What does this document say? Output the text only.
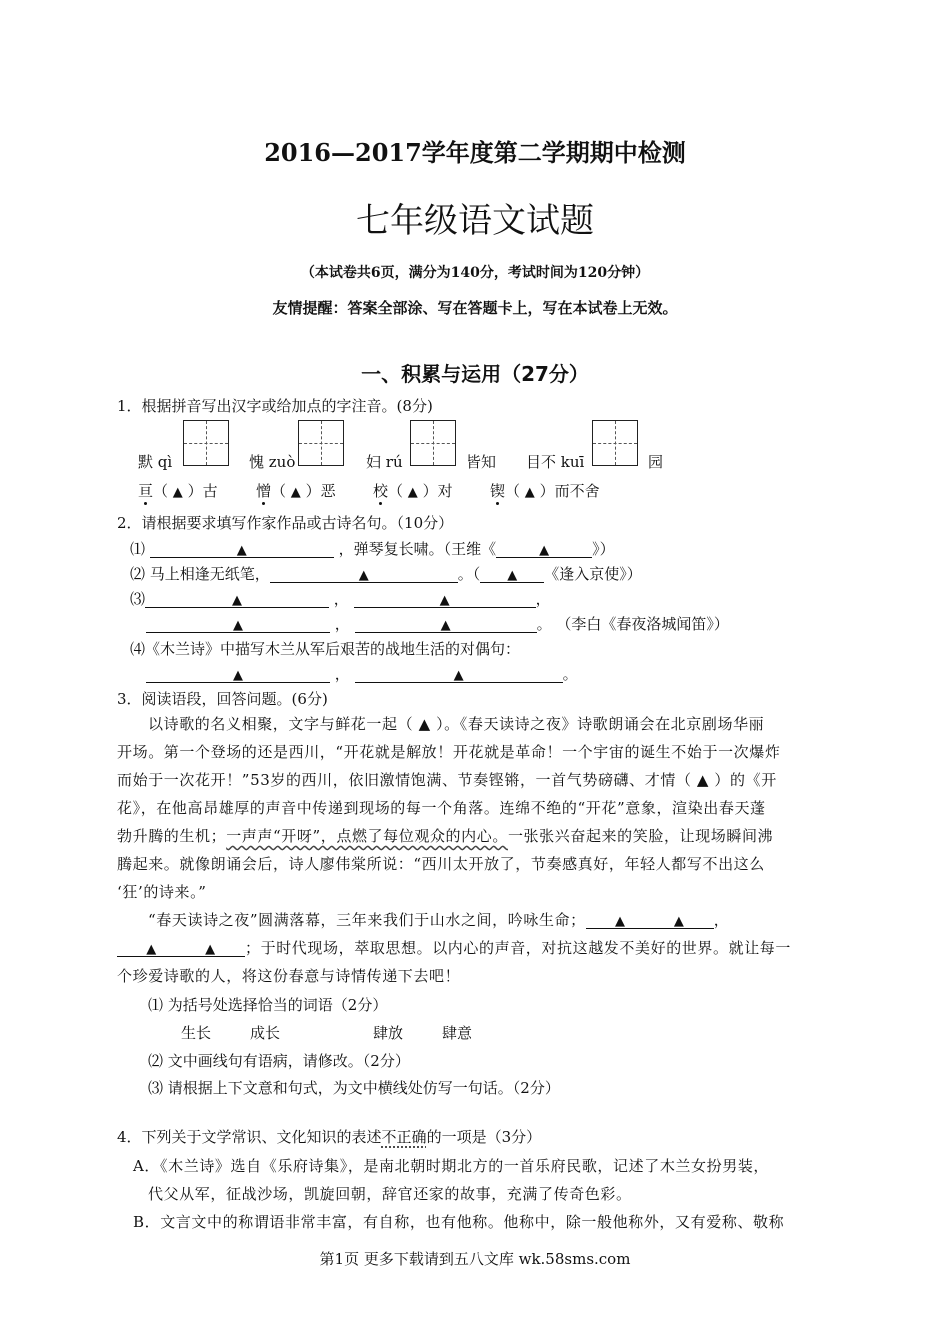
2016—2017学年度第二学期期中检测
七年级语文试题
（本试卷共6页，满分为140分，考试时间为120分钟）
友情提醒：答案全部涂、写在答题卡上，写在本试卷上无效。
一、积累与运用（27分）
1．根据拼音写出汉字或给加点的字注音。(8分)
默 qì	愧 zuò	妇 rú	皆知 目不 kuī	园
亘（ ▲ ）古	憎（ ▲ ）恶 校（ ▲ ）对 锲（ ▲ ）而不舍
2．请根据要求填写作家作品或古诗名句。（10分）
⑴	▲	，弹琴复长啸。（王维《	▲	》）
⑵ 马上相逢无纸笔，	▲	。（ ▲ 《逢入京使》）
⑶	▲	，	▲	，
▲	，	▲	。 （李白《春夜洛城闻笛》）
⑷《木兰诗》中描写木兰从军后艰苦的战地生活的对偶句：
▲	，	▲	。
3．阅读语段，回答问题。(6分)
以诗歌的名义相聚，文字与鲜花一起（ ▲ ）。《春天读诗之夜》诗歌朗诵会在北京剧场华丽
开场。第一个登场的还是西川，“开花就是解放！开花就是革命！一个宇宙的诞生不始于一次爆炸
而始于一次花开！”53岁的西川，依旧激情饱满、节奏铿锵，一首气势磅礴、才情（ ▲ ）的《开
花》，在他高昂雄厚的声音中传递到现场的每一个角落。连绵不绝的“开花”意象，渲染出春天蓬
勃升腾的生机；一声声“开呀”，点燃了每位观众的内心。一张张兴奋起来的笑脸，让现场瞬间沸
腾起来。就像朗诵会后，诗人廖伟棠所说：“西川太开放了，节奏感真好，年轻人都写不出这么
‘狂’的诗来。”
“春天读诗之夜”圆满落幕，三年来我们于山水之间，吟咏生命； ▲	▲ ，
▲	▲ ；于时代现场，萃取思想。以内心的声音，对抗这越发不美好的世界。就让每一
个珍爱诗歌的人，将这份春意与诗情传递下去吧！
⑴ 为括号处选择恰当的词语（2分）
生长	成长	肆放	肆意
⑵ 文中画线句有语病，请修改。（2分）
⑶ 请根据上下文意和句式，为文中横线处仿写一句话。（2分）
4．下列关于文学常识、文化知识的表述不正确的一项是（3分）
A．《木兰诗》选自《乐府诗集》，是南北朝时期北方的一首乐府民歌，记述了木兰女扮男装，
代父从军，征战沙场，凯旋回朝，辞官还家的故事，充满了传奇色彩。
B．文言文中的称谓语非常丰富，有自称，也有他称。他称中，除一般他称外，又有爱称、敬称
第1页 更多下载请到五八文库 wk.58sms.com
